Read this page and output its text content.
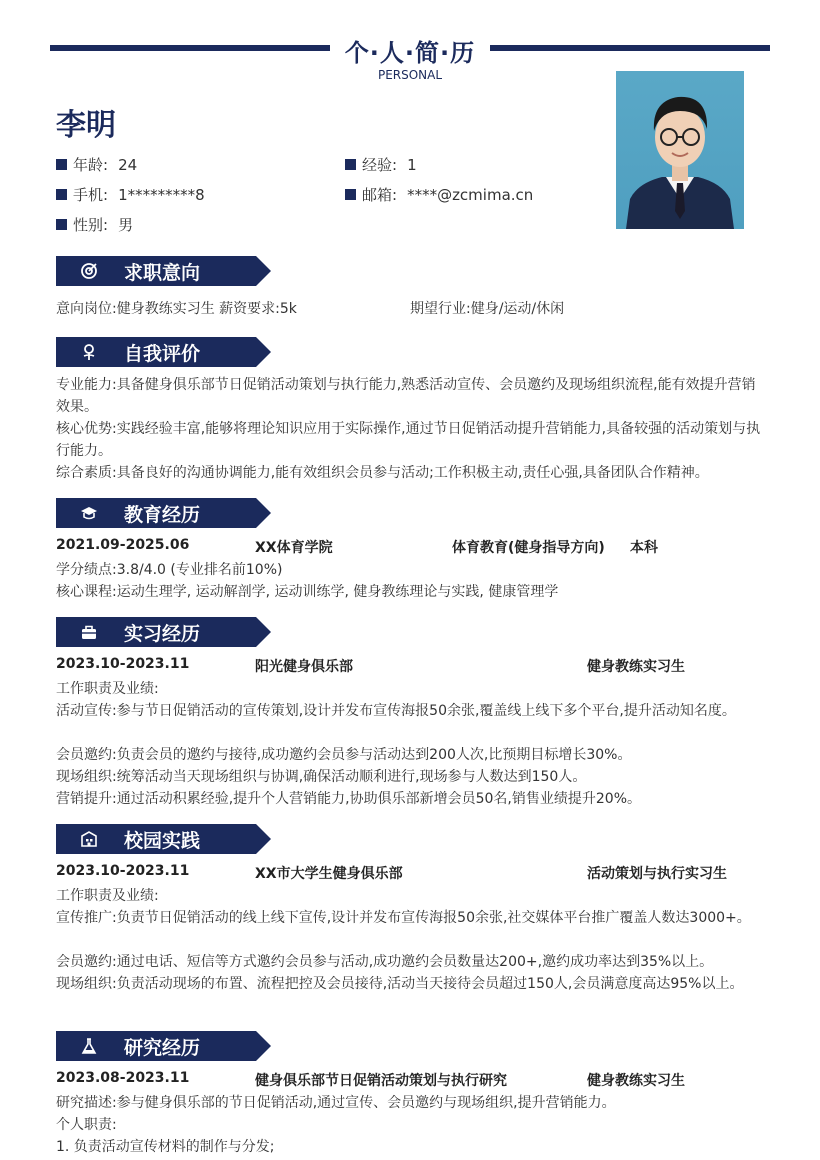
个·人·简·历
PERSONAL
李明
年龄: 24	经验: 1
手机: 1*********8	邮箱: ****@zcmima.cn
性别: 男
求职意向
意向岗位:健身教练实习生 薪资要求:5k	期望行业:健身/运动/休闲
自我评价
专业能力:具备健身俱乐部节日促销活动策划与执行能力,熟悉活动宣传、会员邀约及现场组织流程,能有效提升营销效果。
核心优势:实践经验丰富,能够将理论知识应用于实际操作,通过节日促销活动提升营销能力,具备较强的活动策划与执行能力。
综合素质:具备良好的沟通协调能力,能有效组织会员参与活动;工作积极主动,责任心强,具备团队合作精神。
教育经历
2021.09-2025.06	XX体育学院	体育教育(健身指导方向) 本科
学分绩点:3.8/4.0 (专业排名前10%)
核心课程:运动生理学, 运动解剖学, 运动训练学, 健身教练理论与实践, 健康管理学
实习经历
2023.10-2023.11	阳光健身俱乐部	健身教练实习生
工作职责及业绩:
活动宣传:参与节日促销活动的宣传策划,设计并发布宣传海报50余张,覆盖线上线下多个平台,提升活动知名度。
会员邀约:负责会员的邀约与接待,成功邀约会员参与活动达到200人次,比预期目标增长30%。
现场组织:统筹活动当天现场组织与协调,确保活动顺利进行,现场参与人数达到150人。
营销提升:通过活动积累经验,提升个人营销能力,协助俱乐部新增会员50名,销售业绩提升20%。
校园实践
2023.10-2023.11	XX市大学生健身俱乐部	活动策划与执行实习生
工作职责及业绩:
宣传推广:负责节日促销活动的线上线下宣传,设计并发布宣传海报50余张,社交媒体平台推广覆盖人数达3000+。
会员邀约:通过电话、短信等方式邀约会员参与活动,成功邀约会员数量达200+,邀约成功率达到35%以上。
现场组织:负责活动现场的布置、流程把控及会员接待,活动当天接待会员超过150人,会员满意度高达95%以上。
研究经历
2023.08-2023.11	健身俱乐部节日促销活动策划与执行研究	健身教练实习生
研究描述:参与健身俱乐部的节日促销活动,通过宣传、会员邀约与现场组织,提升营销能力。
个人职责:
1. 负责活动宣传材料的制作与分发;
